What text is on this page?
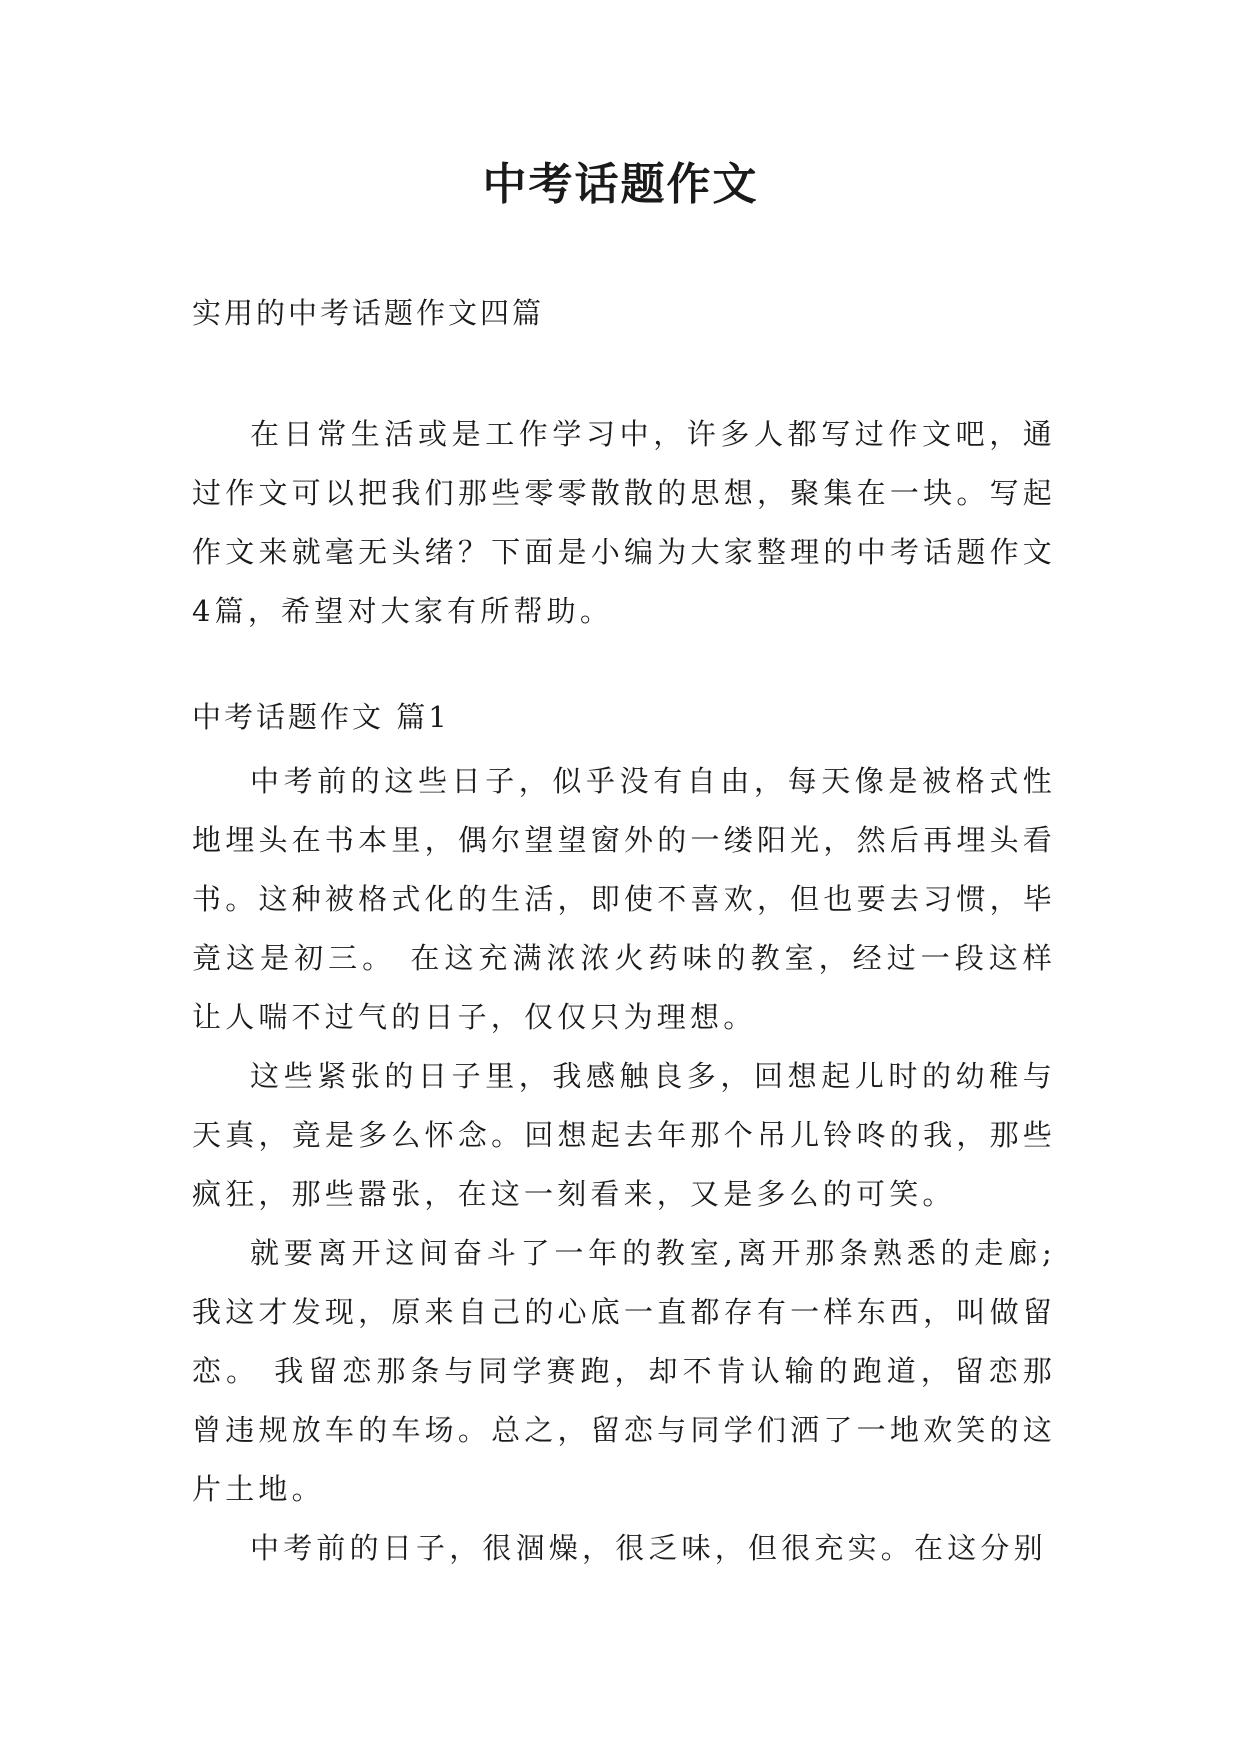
中考话题作文
实用的中考话题作文四篇

在日常生活或是工作学习中，许多人都写过作文吧，通过作文可以把我们那些零零散散的思想，聚集在一块。写起作文来就毫无头绪？下面是小编为大家整理的中考话题作文4篇，希望对大家有所帮助。

中考话题作文 篇1

中考前的这些日子，似乎没有自由，每天像是被格式性地埋头在书本里，偶尔望望窗外的一缕阳光，然后再埋头看书。这种被格式化的生活，即使不喜欢，但也要去习惯，毕竟这是初三。 在这充满浓浓火药味的教室，经过一段这样让人喘不过气的日子，仅仅只为理想。

这些紧张的日子里，我感触良多，回想起儿时的幼稚与天真，竟是多么怀念。回想起去年那个吊儿铃咚的我，那些疯狂，那些嚣张，在这一刻看来，又是多么的可笑。

就要离开这间奋斗了一年的教室,离开那条熟悉的走廊;我这才发现，原来自己的心底一直都存有一样东西，叫做留恋。 我留恋那条与同学赛跑，却不肯认输的跑道，留恋那曾违规放车的车场。总之，留恋与同学们洒了一地欢笑的这片土地。

中考前的日子，很涸燥，很乏味，但很充实。在这分别
